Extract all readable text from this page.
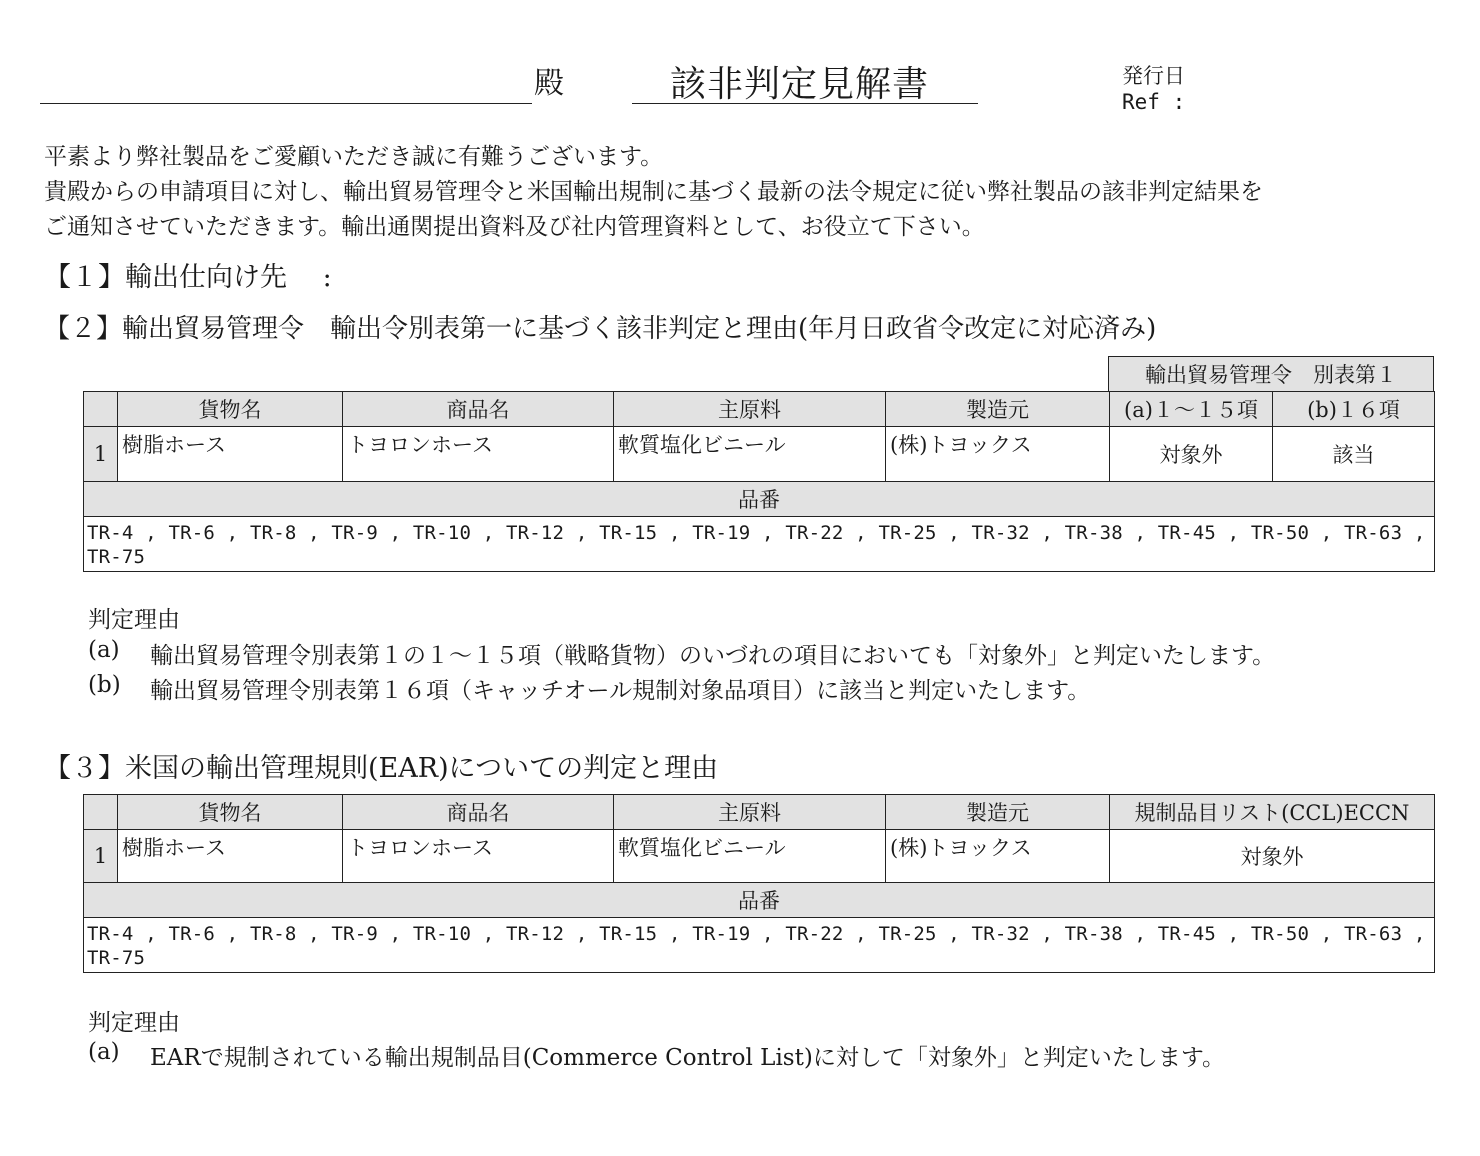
殿	該非判定見解書	発行日
Ref :
平素より弊社製品をご愛顧いただき誠に有難うございます。
貴殿からの申請項目に対し、輸出貿易管理令と米国輸出規制に基づく最新の法令規定に従い弊社製品の該非判定結果を
ご通知させていただきます。輸出通関提出資料及び社内管理資料として、お役立て下さい。
【１】輸出仕向け先　 :
【２】輸出貿易管理令　輸出令別表第一に基づく該非判定と理由(年月日政省令改定に対応済み)
輸出貿易管理令　別表第１
	貨物名	商品名	主原料	製造元	(a)１～１５項	(b)１６項
1	樹脂ホース	トヨロンホース	軟質塩化ビニール	(株)トヨックス	対象外	該当
品番						
TR-4 , TR-6 , TR-8 , TR-9 , TR-10 , TR-12 , TR-15 , TR-19 , TR-22 , TR-25 , TR-32 , TR-38 , TR-45 , TR-50 , TR-63 , TR-75						
判定理由
(a) 輸出貿易管理令別表第１の１～１５項（戦略貨物）のいづれの項目においても「対象外」と判定いたします。
(b) 輸出貿易管理令別表第１６項（キャッチオール規制対象品項目）に該当と判定いたします。
【３】米国の輸出管理規則(EAR)についての判定と理由
	貨物名	商品名	主原料	製造元	規制品目リスト(CCL)ECCN
1	樹脂ホース	トヨロンホース	軟質塩化ビニール	(株)トヨックス	対象外
品番					
TR-4 , TR-6 , TR-8 , TR-9 , TR-10 , TR-12 , TR-15 , TR-19 , TR-22 , TR-25 , TR-32 , TR-38 , TR-45 , TR-50 , TR-63 , TR-75					
判定理由
(a) EARで規制されている輸出規制品目(Commerce Control List)に対して「対象外」と判定いたします。
